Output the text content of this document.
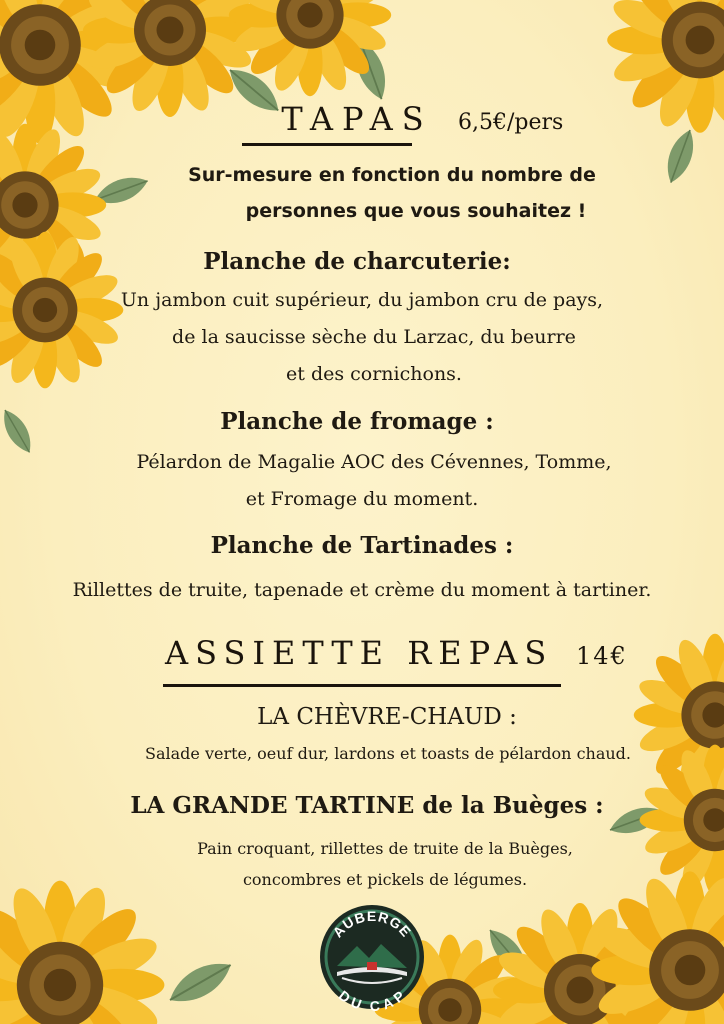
TAPAS	6,5€/pers
Sur-mesure en fonction du nombre de
personnes que vous souhaitez !
Planche de charcuterie:
Un jambon cuit supérieur, du jambon cru de pays,
de la saucisse sèche du Larzac, du beurre
et des cornichons.
Planche de fromage :
Pélardon de Magalie AOC des Cévennes, Tomme,
et Fromage du moment.
Planche de Tartinades :
Rillettes de truite, tapenade et crème du moment à tartiner.
ASSIETTE REPAS 14€
LA CHÈVRE-CHAUD :
Salade verte, oeuf dur, lardons et toasts de pélardon chaud.
LA GRANDE TARTINE de la Buèges :
Pain croquant, rillettes de truite de la Buèges,
concombres et pickels de légumes.
AUBERGE
DU CAP
